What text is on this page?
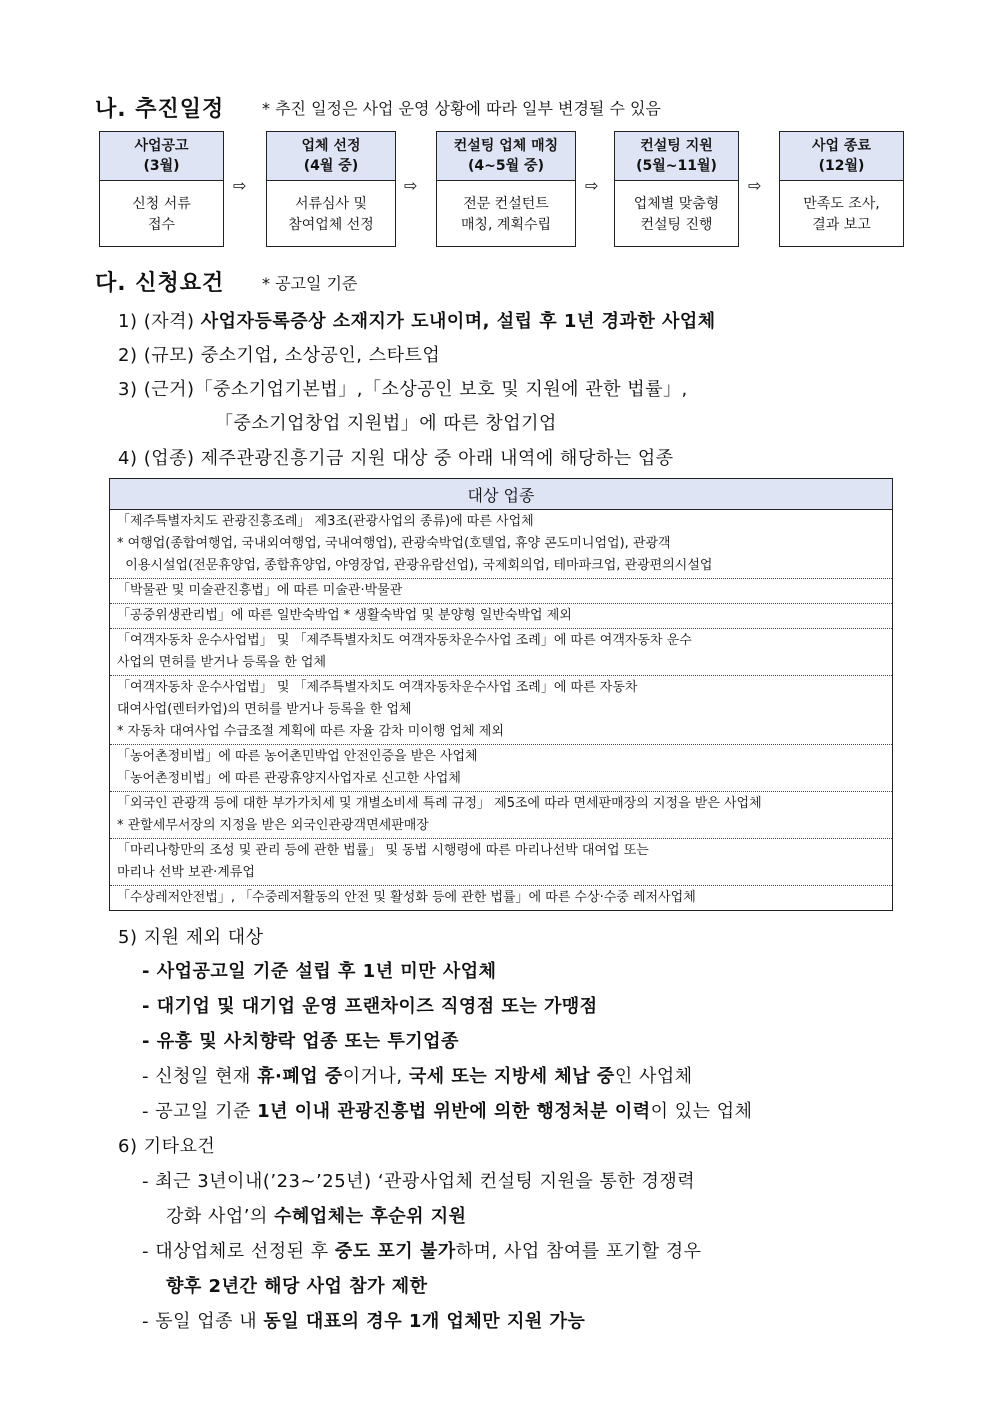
나. 추진일정 * 추진 일정은 사업 운영 상황에 따라 일부 변경될 수 있음
사업공고
(3월)
신청 서류
접수
⇨
업체 선정
(4월 중)
서류심사 및
참여업체 선정
⇨
컨설팅 업체 매칭
(4~5월 중)
전문 컨설턴트
매칭, 계획수립
⇨
컨설팅 지원
(5월~11월)
업체별 맞춤형
컨설팅 진행
⇨
사업 종료
(12월)
만족도 조사,
결과 보고
다. 신청요건 * 공고일 기준
1) (자격) 사업자등록증상 소재지가 도내이며, 설립 후 1년 경과한 사업체
2) (규모) 중소기업, 소상공인, 스타트업
3) (근거)「중소기업기본법」,「소상공인 보호 및 지원에 관한 법률」,
「중소기업창업 지원법」에 따른 창업기업
4) (업종) 제주관광진흥기금 지원 대상 중 아래 내역에 해당하는 업종
대상 업종
「제주특별자치도 관광진흥조례」 제3조(관광사업의 종류)에 따른 사업체
* 여행업(종합여행업, 국내외여행업, 국내여행업), 관광숙박업(호텔업, 휴양 콘도미니엄업), 관광객
이용시설업(전문휴양업, 종합휴양업, 야영장업, 관광유람선업), 국제회의업, 테마파크업, 관광편의시설업
「박물관 및 미술관진흥법」에 따른 미술관·박물관
「공중위생관리법」에 따른 일반숙박업 * 생활숙박업 및 분양형 일반숙박업 제외
「여객자동차 운수사업법」 및 「제주특별자치도 여객자동차운수사업 조례」에 따른 여객자동차 운수
사업의 면허를 받거나 등록을 한 업체
「여객자동차 운수사업법」 및 「제주특별자치도 여객자동차운수사업 조례」에 따른 자동차
대여사업(렌터카업)의 면허를 받거나 등록을 한 업체
* 자동차 대여사업 수급조절 계획에 따른 자율 감차 미이행 업체 제외
「농어촌정비법」에 따른 농어촌민박업 안전인증을 받은 사업체
「농어촌정비법」에 따른 관광휴양지사업자로 신고한 사업체
「외국인 관광객 등에 대한 부가가치세 및 개별소비세 특례 규정」 제5조에 따라 면세판매장의 지정을 받은 사업체
* 관할세무서장의 지정을 받은 외국인관광객면세판매장
「마리나항만의 조성 및 관리 등에 관한 법률」 및 동법 시행령에 따른 마리나선박 대여업 또는
마리나 선박 보관·계류업
「수상레저안전법」, 「수중레저활동의 안전 및 활성화 등에 관한 법률」에 따른 수상·수중 레저사업체
5) 지원 제외 대상
- 사업공고일 기준 설립 후 1년 미만 사업체
- 대기업 및 대기업 운영 프랜차이즈 직영점 또는 가맹점
- 유흥 및 사치향락 업종 또는 투기업종
- 신청일 현재 휴·폐업 중이거나, 국세 또는 지방세 체납 중인 사업체
- 공고일 기준 1년 이내 관광진흥법 위반에 의한 행정처분 이력이 있는 업체
6) 기타요건
- 최근 3년이내(’23~’25년) ‘관광사업체 컨설팅 지원을 통한 경쟁력
강화 사업’의 수혜업체는 후순위 지원
- 대상업체로 선정된 후 중도 포기 불가하며, 사업 참여를 포기할 경우
향후 2년간 해당 사업 참가 제한
- 동일 업종 내 동일 대표의 경우 1개 업체만 지원 가능
